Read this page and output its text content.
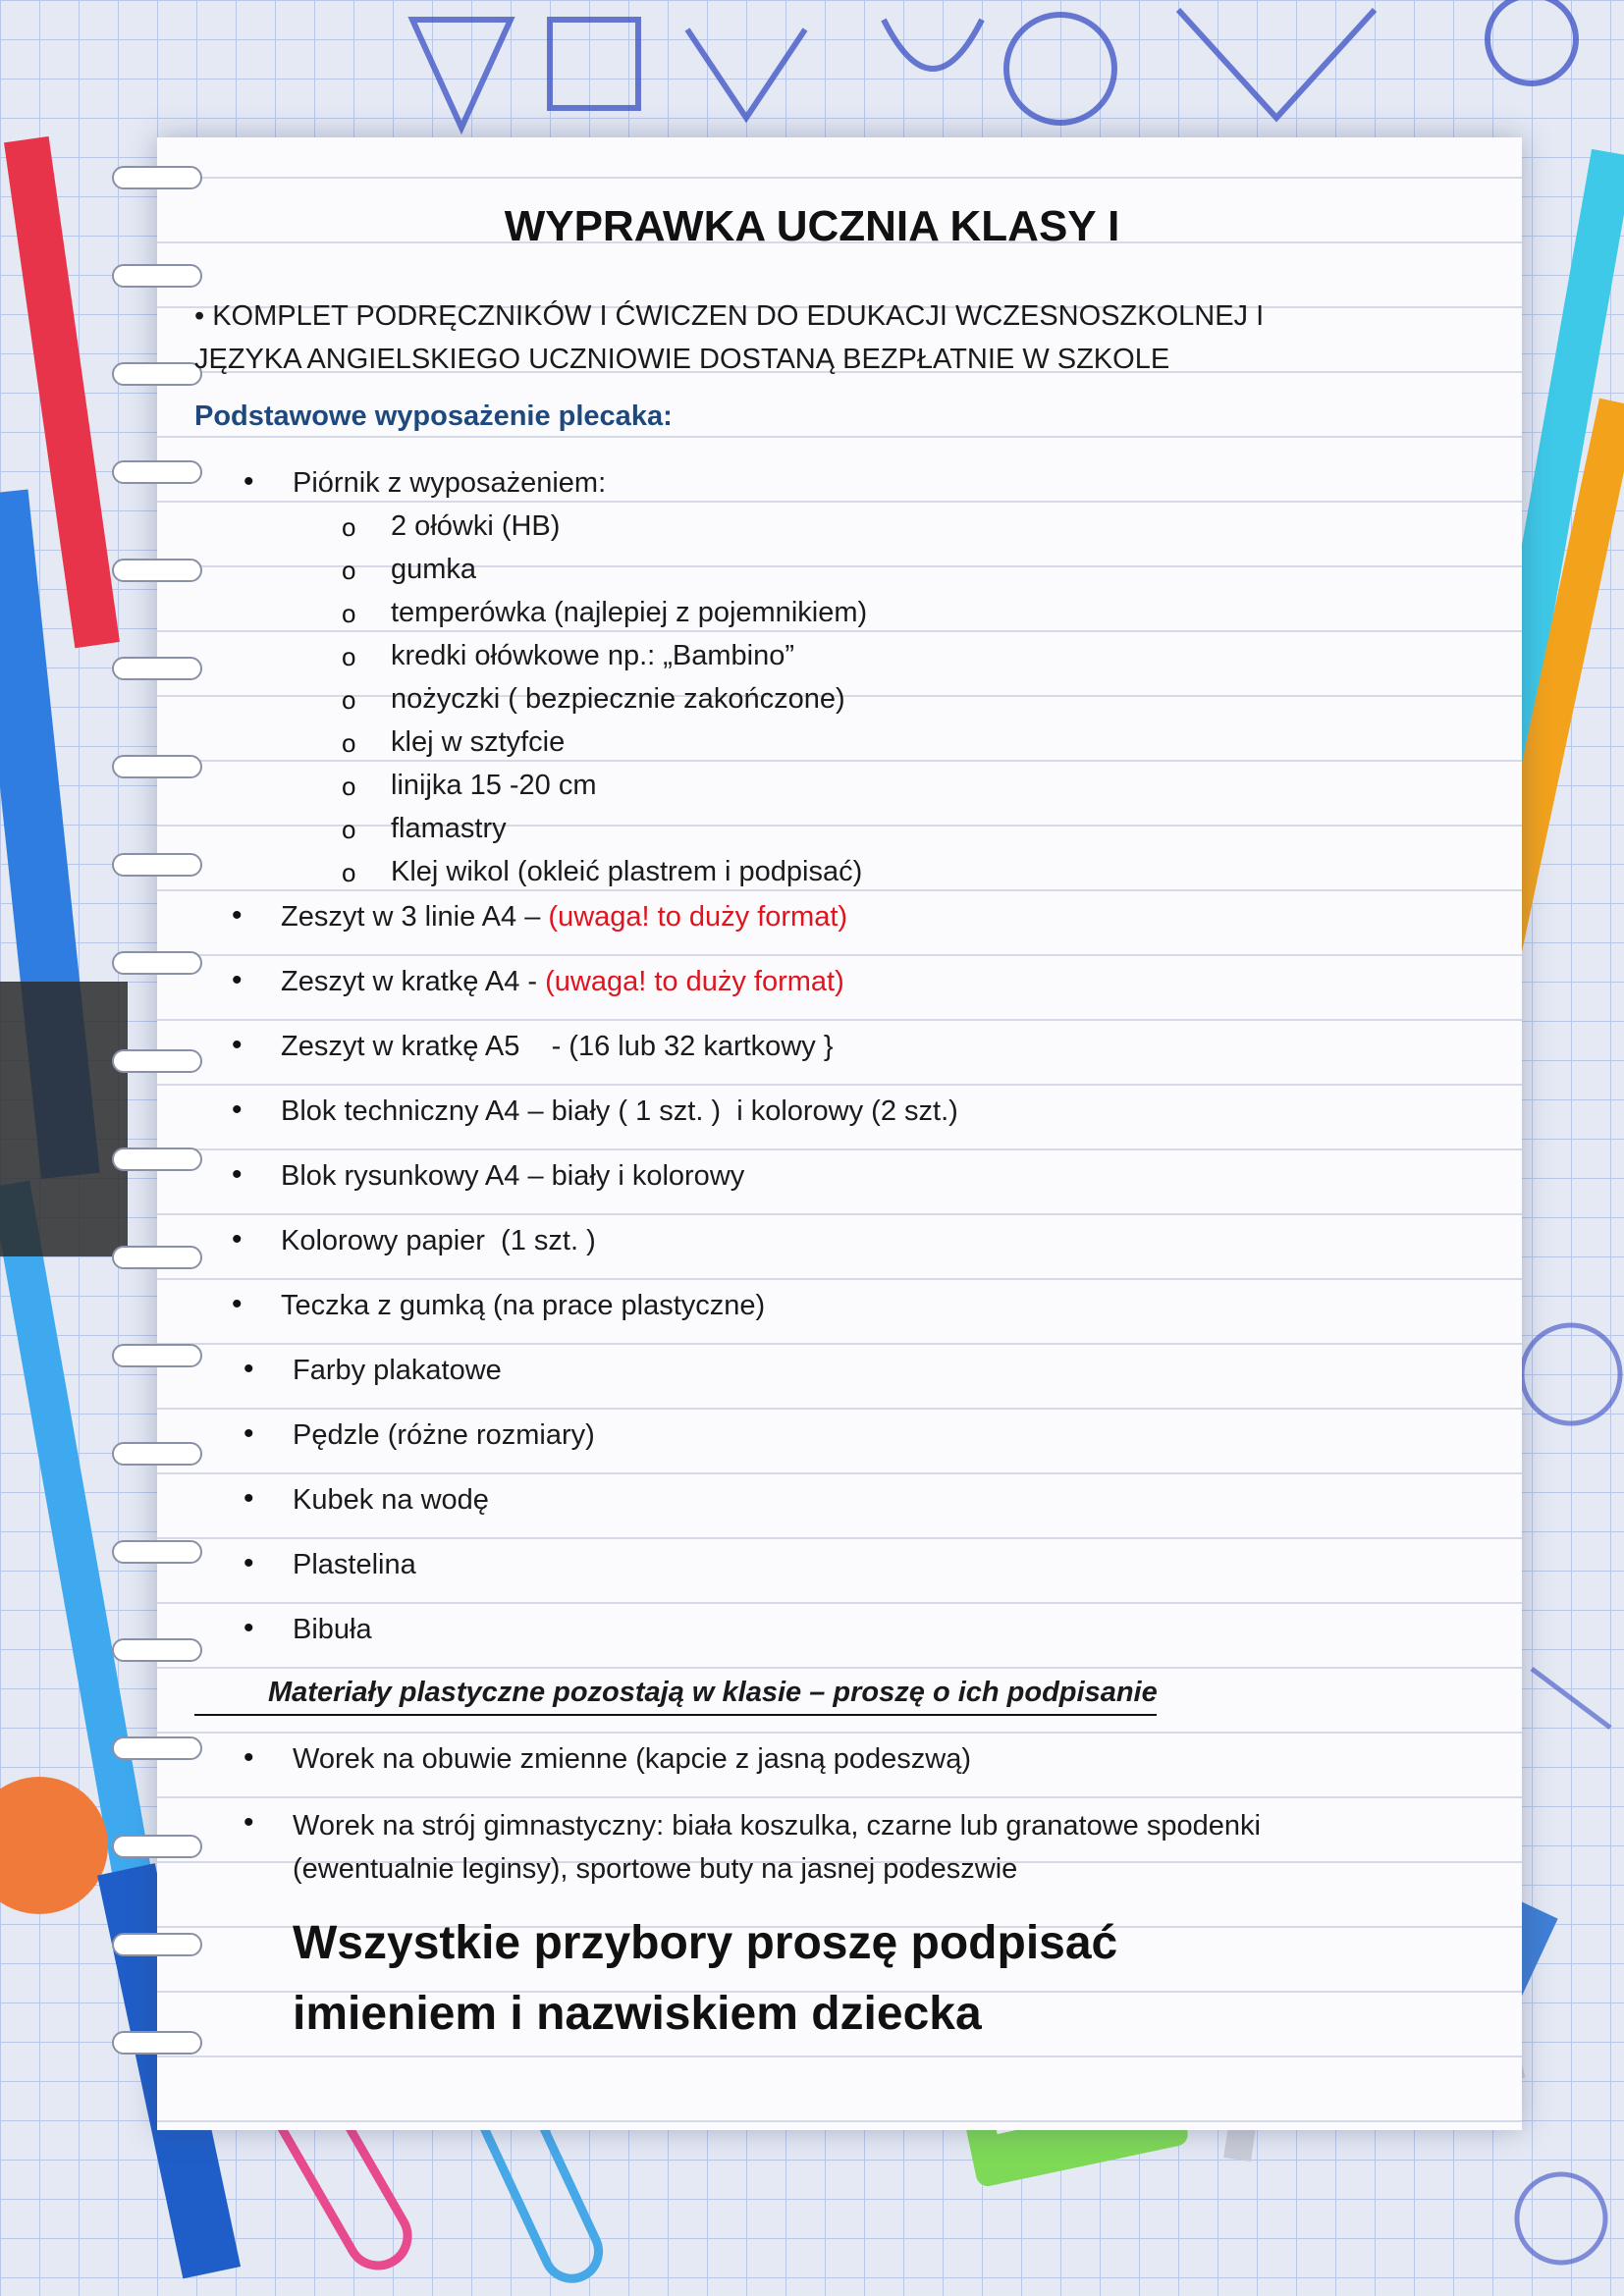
WYPRAWKA UCZNIA KLASY I
• KOMPLET PODRĘCZNIKÓW I ĆWICZEN DO EDUKACJI WCZESNOSZKOLNEJ I JĘZYKA ANGIELSKIEGO UCZNIOWIE DOSTANĄ BEZPŁATNIE W SZKOLE
Podstawowe wyposażenie plecaka:
• Piórnik z wyposażeniem:
o 2 ołówki (HB)
o gumka
o temperówka (najlepiej z pojemnikiem)
o kredki ołówkowe np.: „Bambino”
o nożyczki ( bezpiecznie zakończone)
o klej w sztyfcie
o linijka 15 -20 cm
o flamastry
o Klej wikol (okleić plastrem i podpisać)
• Zeszyt w 3 linie A4 – (uwaga! to duży format)
• Zeszyt w kratkę A4 - (uwaga! to duży format)
• Zeszyt w kratkę A5    - (16 lub 32 kartkowy }
• Blok techniczny A4 – biały ( 1 szt. )  i kolorowy (2 szt.)
• Blok rysunkowy A4 – biały i kolorowy
• Kolorowy papier  (1 szt. )
• Teczka z gumką (na prace plastyczne)
• Farby plakatowe
• Pędzle (różne rozmiary)
• Kubek na wodę
• Plastelina
• Bibuła
Materiały plastyczne pozostają w klasie – proszę o ich podpisanie
• Worek na obuwie zmienne (kapcie z jasną podeszwą)
• Worek na strój gimnastyczny: biała koszulka, czarne lub granatowe spodenki (ewentualnie leginsy), sportowe buty na jasnej podeszwie
Wszystkie przybory proszę podpisać
imieniem i nazwiskiem dziecka
